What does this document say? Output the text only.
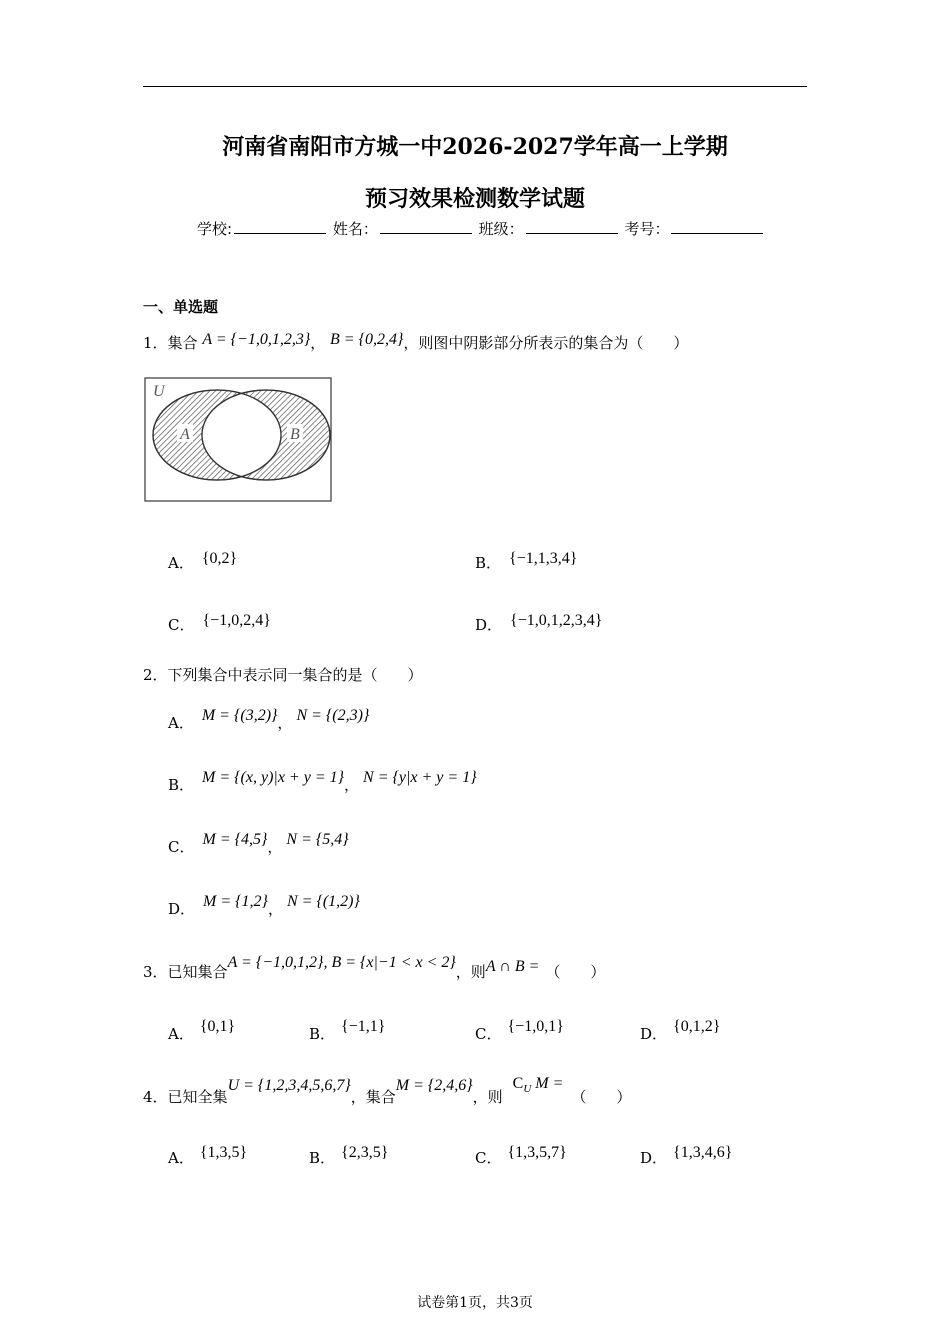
河南省南阳市方城一中2026-2027学年高一上学期
预习效果检测数学试题
学校:	姓名：	班级：	考号：
一、单选题
1．集合 A = {−1,0,1,2,3}， B = {0,2,4}，则图中阴影部分所表示的集合为（　　）
U
A	B
A． {0,2}	B． {−1,1,3,4}
C． {−1,0,2,4}	D． {−1,0,1,2,3,4}
2．下列集合中表示同一集合的是（　　）
A． M = {(3,2)}， N = {(2,3)}
B． M = {(x, y)|x + y = 1}， N = {y|x + y = 1}
C． M = {4,5}， N = {5,4}
D． M = {1,2}， N = {(1,2)}
3．已知集合A = {−1,0,1,2}, B = {x|−1 < x < 2}，则A ∩ B = （　　）
A． {0,1}	B． {−1,1}	C． {−1,0,1}	D． {0,1,2}
4．已知全集U = {1,2,3,4,5,6,7}，集合M = {2,4,6}，则$C_U$ M =（　　）
A． {1,3,5}	B． {2,3,5}	C． {1,3,5,7}	D． {1,3,4,6}
试卷第1页，共3页
